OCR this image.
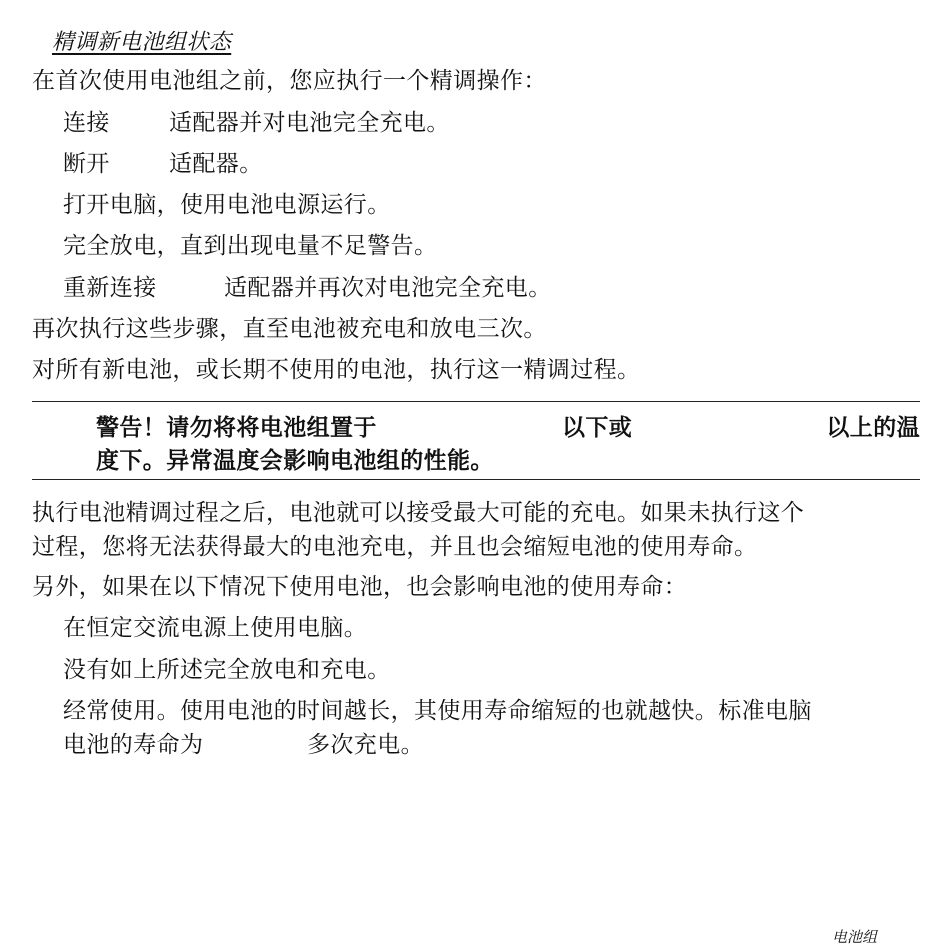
精调新电池组状态
在首次使用电池组之前，您应执行一个精调操作：
连接	适配器并对电池完全充电。
断开	适配器。
打开电脑，使用电池电源运行。
完全放电，直到出现电量不足警告。
重新连接	适配器并再次对电池完全充电。
再次执行这些步骤，直至电池被充电和放电三次。
对所有新电池，或长期不使用的电池，执行这一精调过程。
警告！请勿将将电池组置于	以下或	以上的温
度下。异常温度会影响电池组的性能。
执行电池精调过程之后，电池就可以接受最大可能的充电。如果未执行这个
过程，您将无法获得最大的电池充电，并且也会缩短电池的使用寿命。
另外，如果在以下情况下使用电池，也会影响电池的使用寿命：
在恒定交流电源上使用电脑。
没有如上所述完全放电和充电。
经常使用。使用电池的时间越长，其使用寿命缩短的也就越快。标准电脑
电池的寿命为	多次充电。
电池组
